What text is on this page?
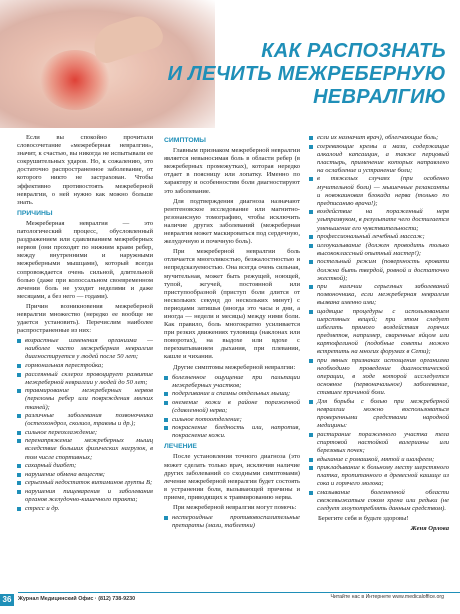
КАК РАСПОЗНАТЬ
И ЛЕЧИТЬ МЕЖРЕБЕРНУЮ
НЕВРАЛГИЮ

Если вы спокойно прочитали словосочетание «межреберная невралгия», значит, к счастью, вы никогда не испытывали ее сокрушительных ударов. Но, к сожалению, это достаточно распространенное заболевание, от которого никто не застрахован. Чтобы эффективно противостоять межреберной невралгии, о ней нужно как можно больше знать.

ПРИЧИНЫ

Межреберная невралгия — это патологический процесс, обусловленный раздражением или сдавливанием межреберных нервов (они проходят по нижним краям ребер, между внутренними и наружными межреберными мышцами), который всегда сопровождается очень сильной, длительной болью (даже при колоссальном своевременном лечении боль не уходит неделями и даже месяцами, а без него — годами).

Причин возникновения межреберной невралгии множество (нередко ее вообще не удается установить). Перечислим наиболее распространенные из них:

возрастные изменения организма — наиболее часто межреберная невралгия диагностируется у людей после 50 лет;
гормональная перестройка;
рассеянный склероз провоцирует развитие межреберной невралгии у людей до 50 лет;
травмирование межреберных нервов (переломы ребер или повреждения мягких тканей);
различные заболевания позвоночника (остеохондроз, сколиоз, травмы и др.);
сильное переохлаждение;
перенапряжение межреберных мышц вследствие больших физических нагрузок, в том числе спортивных;
сахарный диабет;
нарушение обмена веществ;
серьезный недостаток витаминов группы В;
нарушения пищеварения и заболевания органов желудочно-кишечного тракта;
стресс и др.
СИМПТОМЫ

Главным признаком межреберной невралгии является невыносимая боль в области ребер (в межреберных промежутках), которая нередко отдает в поясницу или лопатку. Именно по характеру и особенностям боли диагностируют это заболевание.

Для подтверждения диагноза назначают рентгеновское исследование или магнитно-резонансную томографию, чтобы исключить наличие других заболеваний (межреберная невралгия может маскироваться под сердечную, желудочную и почечную боль).

При межреберной невралгии боль отличается многоликостью, безжалостностью и непредсказуемостью. Она всегда очень сильная, мучительная, может быть режущей, ноющей, тупой, жгучей, постоянной или приступообразной (приступ боли длится от нескольких секунд до нескольких минут) с периодами затишья (иногда это часы и дни, а иногда — недели и месяцы) между ними боли. Как правило, боль многократно усиливается при резких движениях туловища (наклонах или поворотах), на выдохе или вдохе с перехватыванием дыхания, при плевании, кашле и чихании.

Другие симптомы межреберной невралгии:

болезненное ощущение при пальпации межреберных участков;
подергивание и спазмы отдельных мышц;
онемение кожи в районе пораженной (сдавленной) нерва;
сильное потоотделение;
покраснение бледность или, напротив, покраснение кожи.
ЛЕЧЕНИЕ

После установления точного диагноза (это может сделать только врач, исключив наличие других заболеваний со сходными симптомами) лечение межреберной невралгии будет состоять в устранении боли, вызывающей причины и приеме, приводящих к травмированию нерва.

При межреберной невралгии могут помочь:

нестероидные противовоспалительные препараты (мази, таблетки)
если их назначит врач), облегчающие боль;
согревающие кремы и мази, содержащие алкалоид капсаицин, а также перцовый пластырь, применение которых направлено на ослабление и устранение боли;
в тяжелых случаях (при особенно мучительной боли) — мышечные релаксанты и новокаиновая блокада нерва (только по предписанию врача!);
воздействие на пораженный нерв ультразвуком, в результате чего достигается уменьшение его чувствительности;
профессиональный лечебный массаж;
иглоукалывание (должен проводить только высококлассный опытный мастер!);
постельный режим (поверхность кровати должна быть твердой, ровной и достаточно жесткой);
при наличии серьезных заболеваний позвоночника, если межреберная невралгия вызвана именно ими;
щадящие процедуры с использованием шерстяных вещей; при этом следует избегать прямого воздействия горячих предметов, например, сваренные яйцом или картофелиной (подобные советы можно встретить на многих форумах в Сети);
при явных признаках истощения организма необходимо проведение диагностической операции, в ходе которой исследуется основное (первоначальное) заболевание, ставшее причиной боли.
Для борьбы с болью при межреберной невралгии можно воспользоваться проверенными средствами народной медицины:
растирание пораженного участка тела спиртовой настойкой валерианы или березовых почек;
вдыхание с ромашкой, мятой и шалфеем;
прикладывание к больному месту шерстяного платка, пропитанного в древесной кашице из сока и горячего молока;
смазывание болезненной области свежевыжатым соком хрена или редьки (не следует злоупотреблять данным средством).

Берегите себя и будьте здоровы!

Женя Орлова

36	Журнал Медицинский Офис · (812) 738-9230	Читайте нас в Интернете www.medicaloffice.org
